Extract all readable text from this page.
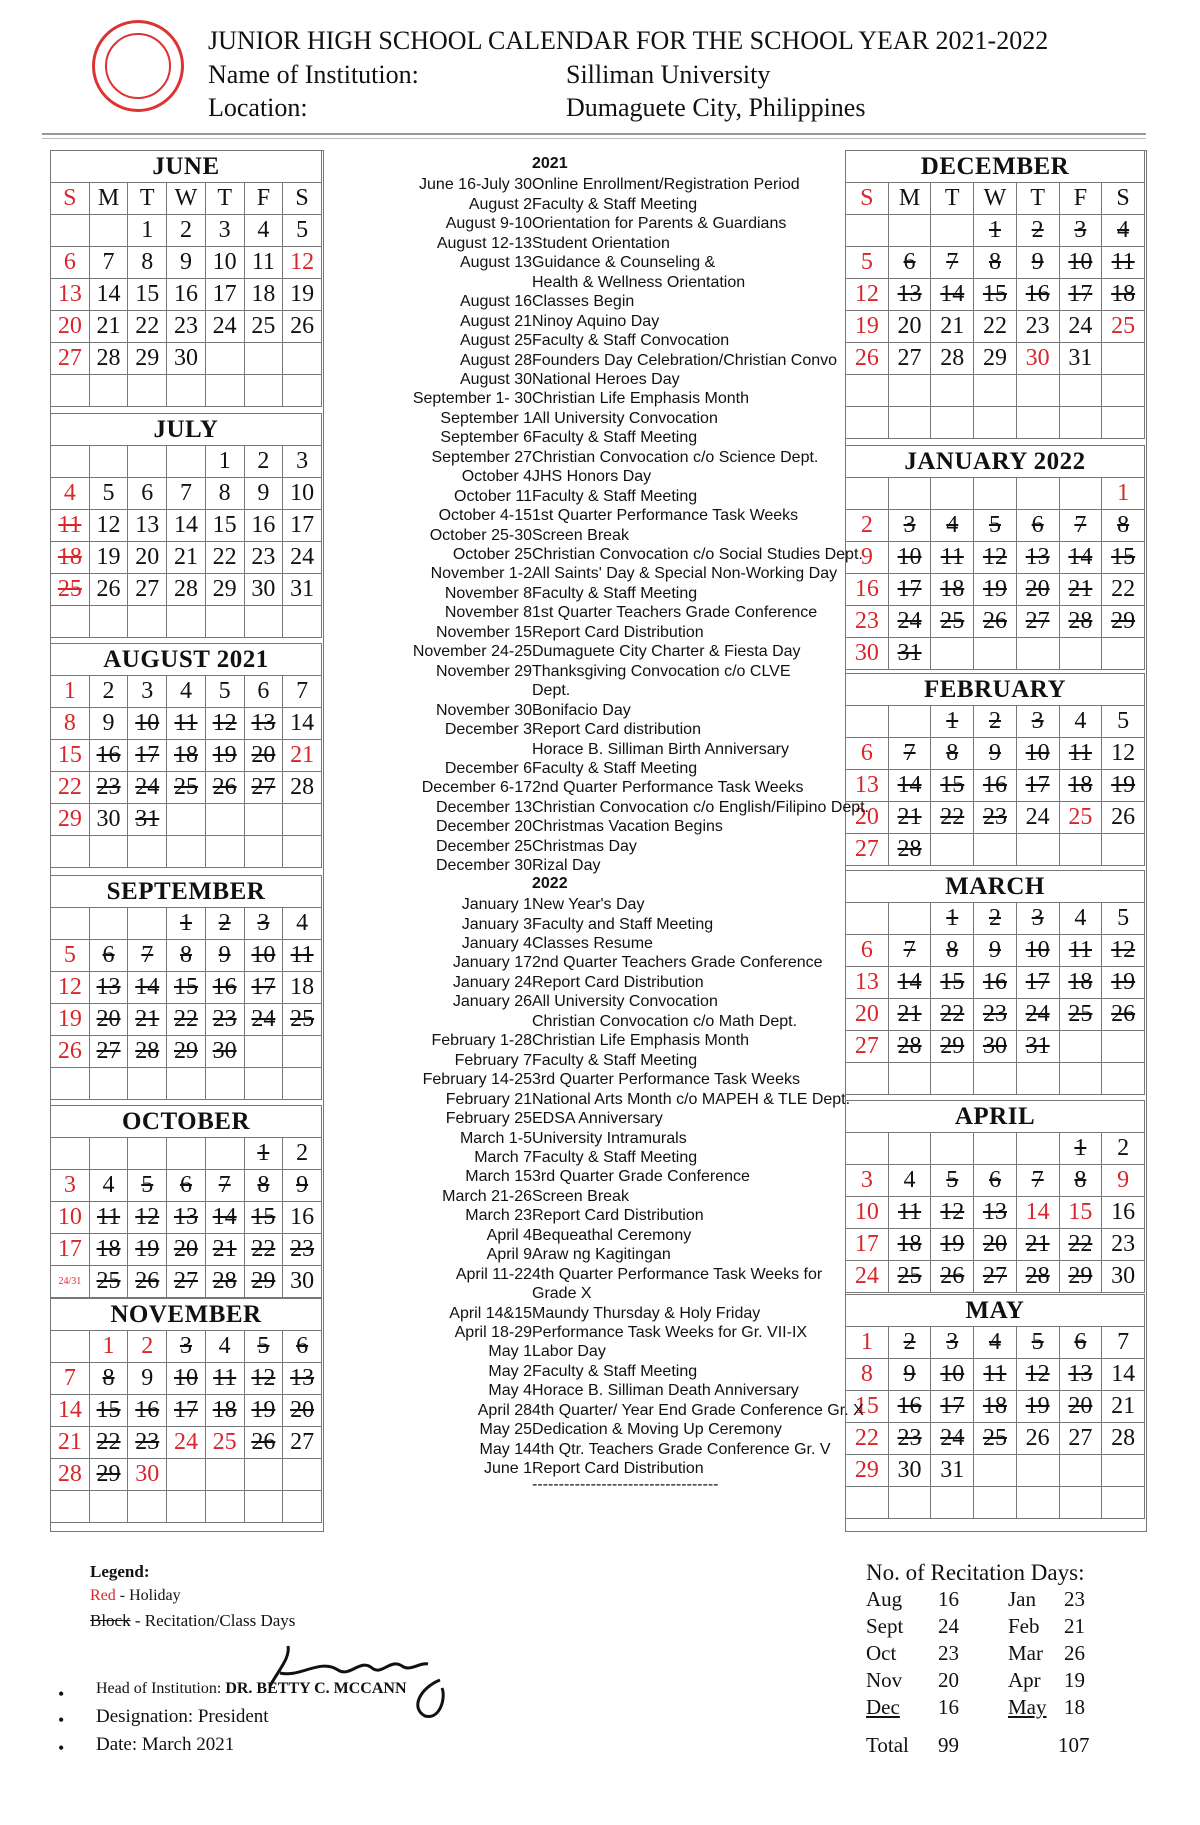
JUNIOR HIGH SCHOOL CALENDAR FOR THE SCHOOL YEAR 2021-2022
Name of Institution:	Silliman University
Location:	Dumaguete City, Philippines
JUNE						
S	M	T	W	T	F	S
		1	2	3	4	5
6	7	8	9	10	11	12
13	14	15	16	17	18	19
20	21	22	23	24	25	26
27	28	29	30			

JULY						
				1	2	3
4	5	6	7	8	9	10
11	12	13	14	15	16	17
18	19	20	21	22	23	24
25	26	27	28	29	30	31

AUGUST 2021						
1	2	3	4	5	6	7
8	9	10	11	12	13	14
15	16	17	18	19	20	21
22	23	24	25	26	27	28
29	30	31				

SEPTEMBER						
			1	2	3	4
5	6	7	8	9	10	11
12	13	14	15	16	17	18
19	20	21	22	23	24	25
26	27	28	29	30		

OCTOBER						
					1	2
3	4	5	6	7	8	9
10	11	12	13	14	15	16
17	18	19	20	21	22	23
24/31	25	26	27	28	29	30
NOVEMBER						
	1	2	3	4	5	6
7	8	9	10	11	12	13
14	15	16	17	18	19	20
21	22	23	24	25	26	27
28	29	30				

DECEMBER						
S	M	T	W	T	F	S
			1	2	3	4
5	6	7	8	9	10	11
12	13	14	15	16	17	18
19	20	21	22	23	24	25
26	27	28	29	30	31	

JANUARY 2022						
						1
2	3	4	5	6	7	8
9	10	11	12	13	14	15
16	17	18	19	20	21	22
23	24	25	26	27	28	29
30	31					
FEBRUARY						
		1	2	3	4	5
6	7	8	9	10	11	12
13	14	15	16	17	18	19
20	21	22	23	24	25	26
27	28					
MARCH						
		1	2	3	4	5
6	7	8	9	10	11	12
13	14	15	16	17	18	19
20	21	22	23	24	25	26
27	28	29	30	31		

APRIL						
					1	2
3	4	5	6	7	8	9
10	11	12	13	14	15	16
17	18	19	20	21	22	23
24	25	26	27	28	29	30
MAY						
1	2	3	4	5	6	7
8	9	10	11	12	13	14
15	16	17	18	19	20	21
22	23	24	25	26	27	28
29	30	31				

2021
June 16-July 30 Online Enrollment/Registration Period
August 2 Faculty & Staff Meeting
August 9-10 Orientation for Parents & Guardians
August 12-13 Student Orientation
August 13 Guidance & Counseling &
Health & Wellness Orientation
August 16 Classes Begin
August 21 Ninoy Aquino Day
August 25 Faculty & Staff Convocation
August 28 Founders Day Celebration/Christian Convo
August 30 National Heroes Day
September 1- 30 Christian Life Emphasis Month
September 1 All University Convocation
September 6 Faculty & Staff Meeting
September 27 Christian Convocation c/o Science Dept.
October 4 JHS Honors Day
October 11 Faculty & Staff Meeting
October 4-15 1st Quarter Performance Task Weeks
October 25-30 Screen Break
October 25 Christian Convocation c/o Social Studies Dept.
November 1-2 All Saints' Day & Special Non-Working Day
November 8 Faculty & Staff Meeting
November 8 1st Quarter Teachers Grade Conference
November 15 Report Card Distribution
November 24-25 Dumaguete City Charter & Fiesta Day
November 29 Thanksgiving Convocation c/o CLVE
Dept.
November 30 Bonifacio Day
December 3 Report Card distribution
Horace B. Silliman Birth Anniversary
December 6 Faculty & Staff Meeting
December 6-17 2nd Quarter Performance Task Weeks
December 13 Christian Convocation c/o English/Filipino Dept.
December 20 Christmas Vacation Begins
December 25 Christmas Day
December 30 Rizal Day
2022
January 1 New Year's Day
January 3 Faculty and Staff Meeting
January 4 Classes Resume
January 17 2nd Quarter Teachers Grade Conference
January 24 Report Card Distribution
January 26 All University Convocation
Christian Convocation c/o Math Dept.
February 1-28 Christian Life Emphasis Month
February 7 Faculty & Staff Meeting
February 14-25 3rd Quarter Performance Task Weeks
February 21 National Arts Month c/o MAPEH & TLE Dept.
February 25 EDSA Anniversary
March 1-5 University Intramurals
March 7 Faculty & Staff Meeting
March 15 3rd Quarter Grade Conference
March 21-26 Screen Break
March 23 Report Card Distribution
April 4 Bequeathal Ceremony
April 9 Araw ng Kagitingan
April 11-22 4th Quarter Performance Task Weeks for
Grade X
April 14&15 Maundy Thursday & Holy Friday
April 18-29 Performance Task Weeks for Gr. VII-IX
May 1 Labor Day
May 2 Faculty & Staff Meeting
May 4 Horace B. Silliman Death Anniversary
April 28 4th Quarter/ Year End Grade Conference Gr. X
May 25 Dedication & Moving Up Ceremony
May 14 4th Qtr. Teachers Grade Conference Gr. V
June 1 Report Card Distribution
-----------------------------------
Legend:
Red - Holiday
Block - Recitation/Class Days
• Head of Institution: DR. BETTY C. MCCANN
• Designation: President
• Date: March 2021
No. of Recitation Days:
Aug 16 Jan 23
Sept 24 Feb 21
Oct 23 Mar 26
Nov 20 Apr 19
Dec 16 May 18
Total 99	107
